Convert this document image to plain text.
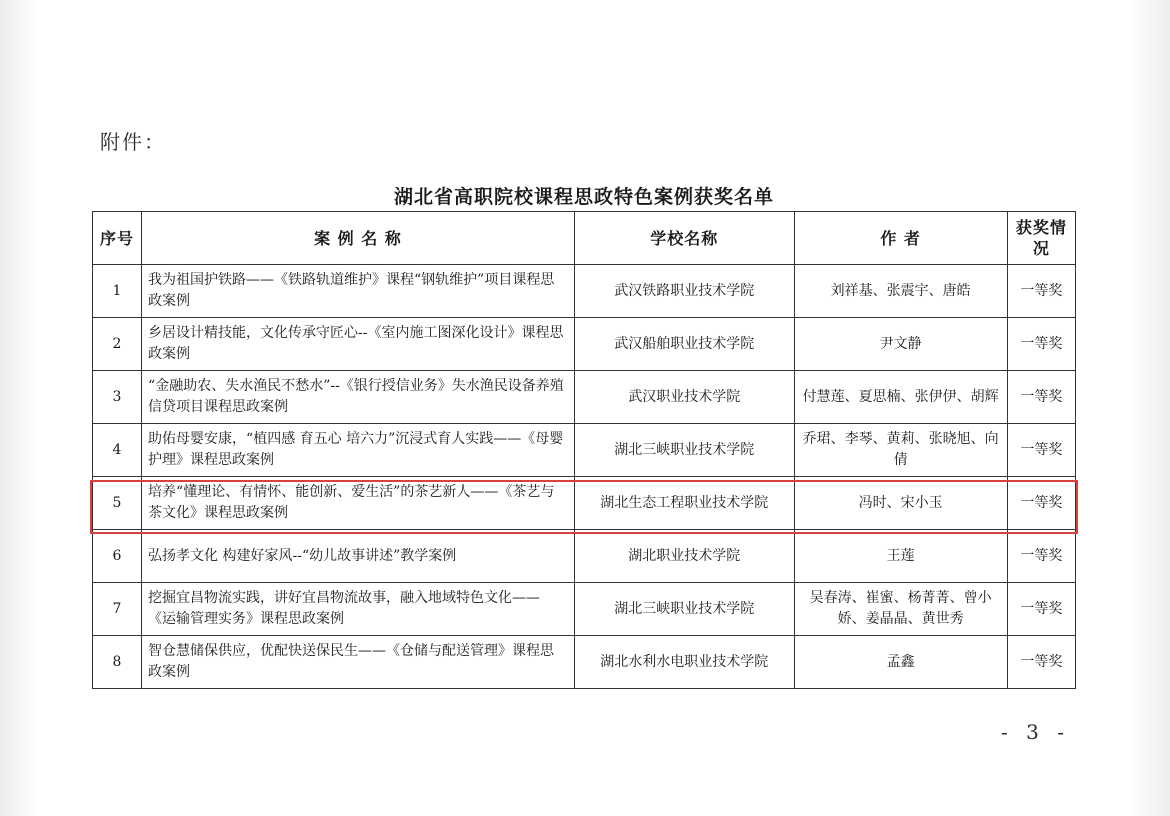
附件：
湖北省高职院校课程思政特色案例获奖名单
序号	案 例 名 称	学校名称	作 者	获奖情况
1	我为祖国护铁路——《铁路轨道维护》课程“钢轨维护”项目课程思政案例	武汉铁路职业技术学院	刘祥基、张震宇、唐皓	一等奖
2	乡居设计精技能，文化传承守匠心--《室内施工图深化设计》课程思政案例	武汉船舶职业技术学院	尹文静	一等奖
3	“金融助农、失水渔民不愁水”--《银行授信业务》失水渔民设备养殖信贷项目课程思政案例	武汉职业技术学院	付慧莲、夏思楠、张伊伊、胡辉	一等奖
4	助佑母婴安康，“植四感 育五心 培六力”沉浸式育人实践——《母婴护理》课程思政案例	湖北三峡职业技术学院	乔珺、李琴、黄莉、张晓旭、向倩	一等奖
5	培养“懂理论、有情怀、能创新、爱生活”的茶艺新人——《茶艺与茶文化》课程思政案例	湖北生态工程职业技术学院	冯时、宋小玉	一等奖
6	弘扬孝文化 构建好家风--“幼儿故事讲述”教学案例	湖北职业技术学院	王莲	一等奖
7	挖掘宜昌物流实践，讲好宜昌物流故事，融入地域特色文化——《运输管理实务》课程思政案例	湖北三峡职业技术学院	吴春涛、崔蜜、杨菁菁、曾小娇、姜晶晶、黄世秀	一等奖
8	智仓慧储保供应，优配快送保民生——《仓储与配送管理》课程思政案例	湖北水利水电职业技术学院	孟鑫	一等奖
- 3 -
